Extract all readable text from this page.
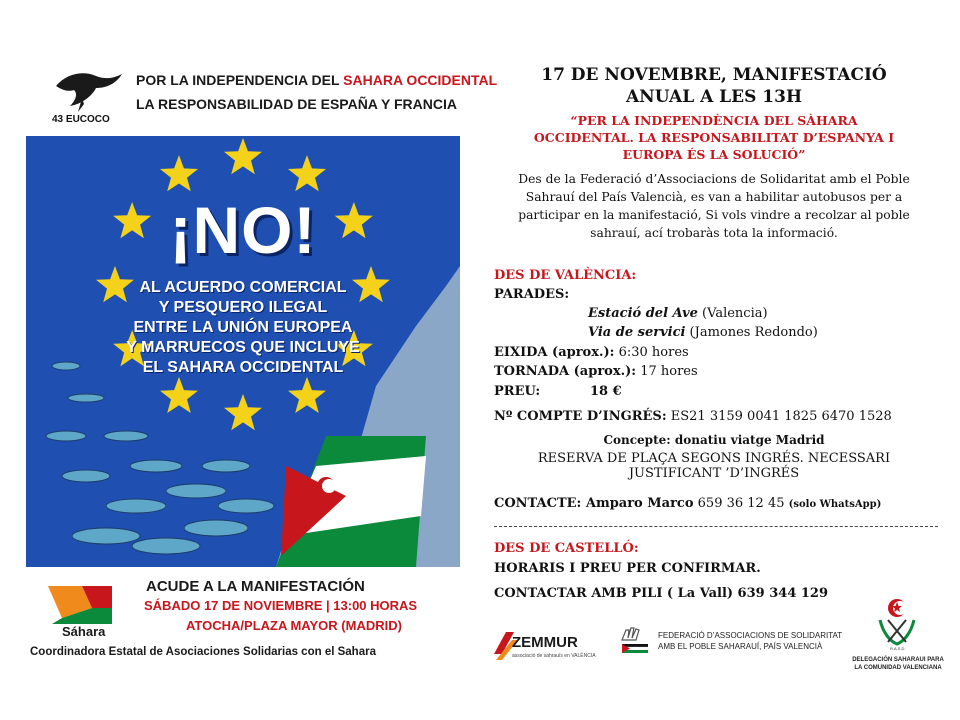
43 EUCOCO
POR LA INDEPENDENCIA DEL SAHARA OCCIDENTAL
LA RESPONSABILIDAD DE ESPAÑA Y FRANCIA
¡NO!
AL ACUERDO COMERCIAL
Y PESQUERO ILEGAL
ENTRE LA UNIÓN EUROPEA
Y MARRUECOS QUE INCLUYE
EL SAHARA OCCIDENTAL
Sáhara
ACUDE A LA MANIFESTACIÓN
SÁBADO 17 DE NOVIEMBRE | 13:00 HORAS
ATOCHA/PLAZA MAYOR (MADRID)
Coordinadora Estatal de Asociaciones Solidarias con el Sahara
17 DE NOVEMBRE, MANIFESTACIÓ
ANUAL A LES 13H
“PER LA INDEPENDÈNCIA DEL SÀHARA
OCCIDENTAL. LA RESPONSABILITAT D’ESPANYA I
EUROPA ÉS LA SOLUCIÓ”
Des de la Federació d’Associacions de Solidaritat amb el Poble
Sahrauí del País Valencià, es van a habilitar autobusos per a
participar en la manifestació, Si vols vindre a recolzar al poble
sahrauí, ací trobaràs tota la informació.
DES DE VALÈNCIA:
PARADES:
Estació del Ave (Valencia)
Via de servici (Jamones Redondo)
EIXIDA (aprox.): 6:30 hores
TORNADA (aprox.): 17 hores
PREU:	18 €
Nº COMPTE D’INGRÉS: ES21 3159 0041 1825 6470 1528
Concepte: donatiu viatge Madrid
RESERVA DE PLAÇA SEGONS INGRÉS. NECESSARI
JUSTIFICANT ’D’INGRÉS
CONTACTE: Amparo Marco 659 36 12 45 (solo WhatsApp)
DES DE CASTELLÓ:
HORARIS I PREU PER CONFIRMAR.
CONTACTAR AMB PILI ( La Vall) 639 344 129
ZEMMUR
associació de sahrauís en VALÈNCIA
FEDERACIÓ D’ASSOCIACIONS DE SOLIDARITAT
AMB EL POBLE SAHARAUÍ, PAÍS VALENCIÀ	R.A.S.D.
DELEGACIÓN SAHARAUI PARA
LA COMUNIDAD VALENCIANA
